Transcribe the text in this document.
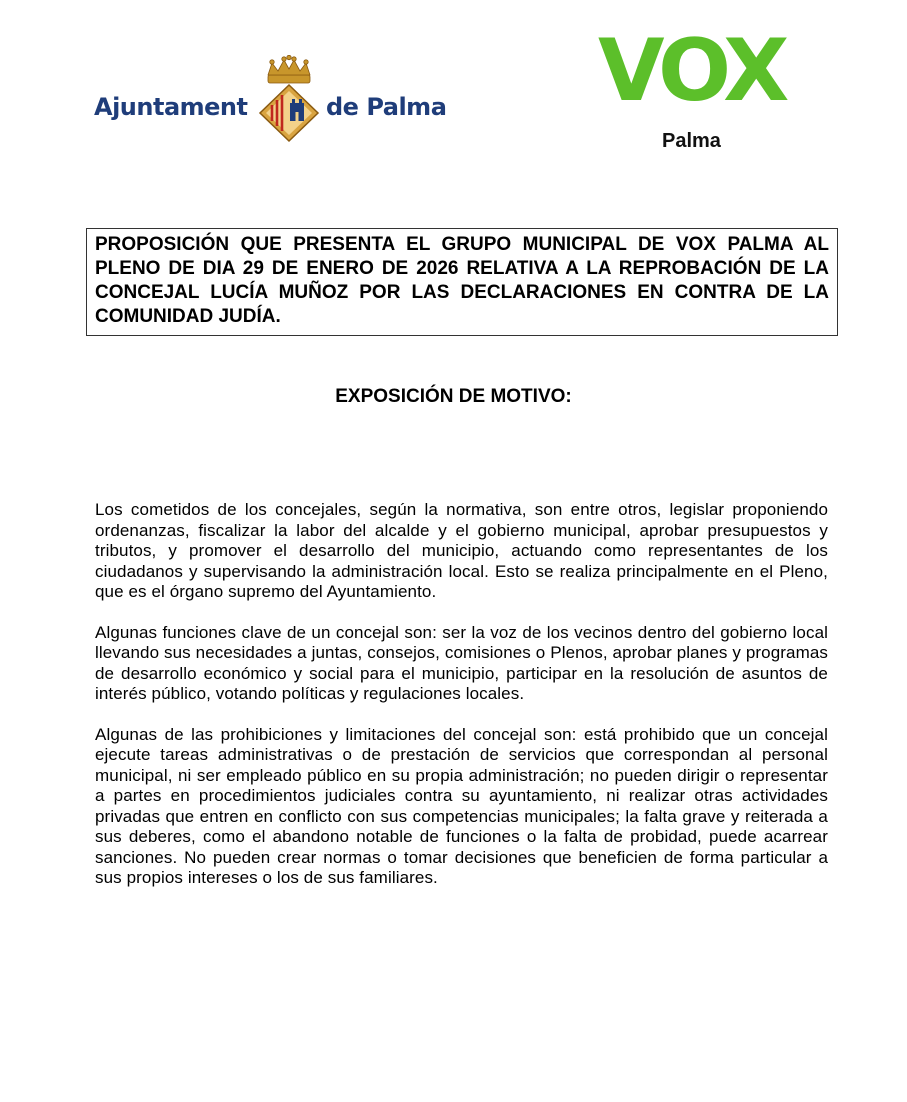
Ajuntament	de Palma VOX
Palma
PROPOSICIÓN QUE PRESENTA EL GRUPO MUNICIPAL DE VOX PALMA AL PLENO DE DIA 29 DE ENERO DE 2026 RELATIVA A LA REPROBACIÓN DE LA CONCEJAL LUCÍA MUÑOZ POR LAS DECLARACIONES EN CONTRA DE LA COMUNIDAD JUDÍA.
EXPOSICIÓN DE MOTIVO:

Los cometidos de los concejales, según la normativa, son entre otros, legislar proponiendo ordenanzas, fiscalizar la labor del alcalde y el gobierno municipal, aprobar presupuestos y tributos, y promover el desarrollo del municipio, actuando como representantes de los ciudadanos y supervisando la administración local. Esto se realiza principalmente en el Pleno, que es el órgano supremo del Ayuntamiento.

Algunas funciones clave de un concejal son: ser la voz de los vecinos dentro del gobierno local llevando sus necesidades a juntas, consejos, comisiones o Plenos, aprobar planes y programas de desarrollo económico y social para el municipio, participar en la resolución de asuntos de interés público, votando políticas y regulaciones locales.

Algunas de las prohibiciones y limitaciones del concejal son: está prohibido que un concejal ejecute tareas administrativas o de prestación de servicios que correspondan al personal municipal, ni ser empleado público en su propia administración; no pueden dirigir o representar a partes en procedimientos judiciales contra su ayuntamiento, ni realizar otras actividades privadas que entren en conflicto con sus competencias municipales; la falta grave y reiterada a sus deberes, como el abandono notable de funciones o la falta de probidad, puede acarrear sanciones. No pueden crear normas o tomar decisiones que beneficien de forma particular a sus propios intereses o los de sus familiares.
